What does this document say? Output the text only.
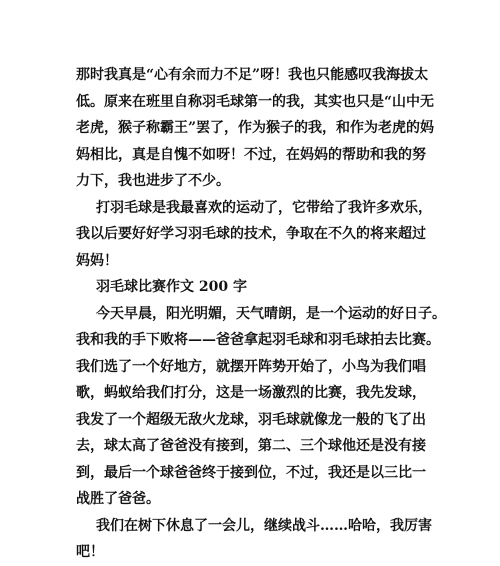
那时我真是“心有余而力不足”呀！我也只能感叹我海拔太
低。原来在班里自称羽毛球第一的我，其实也只是“山中无
老虎，猴子称霸王”罢了，作为猴子的我，和作为老虎的妈
妈相比，真是自愧不如呀！不过，在妈妈的帮助和我的努
力下，我也进步了不少。

打羽毛球是我最喜欢的运动了，它带给了我许多欢乐，
我以后要好好学习羽毛球的技术，争取在不久的将来超过
妈妈！

羽毛球比赛作文 200 字

今天早晨，阳光明媚，天气晴朗，是一个运动的好日子。
我和我的手下败将——爸爸拿起羽毛球和羽毛球拍去比赛。
我们选了一个好地方，就摆开阵势开始了，小鸟为我们唱
歌，蚂蚁给我们打分，这是一场激烈的比赛，我先发球，
我发了一个超级无敌火龙球，羽毛球就像龙一般的飞了出
去，球太高了爸爸没有接到，第二、三个球他还是没有接
到，最后一个球爸爸终于接到位，不过，我还是以三比一
战胜了爸爸。

我们在树下休息了一会儿，继续战斗……哈哈，我厉害
吧！
